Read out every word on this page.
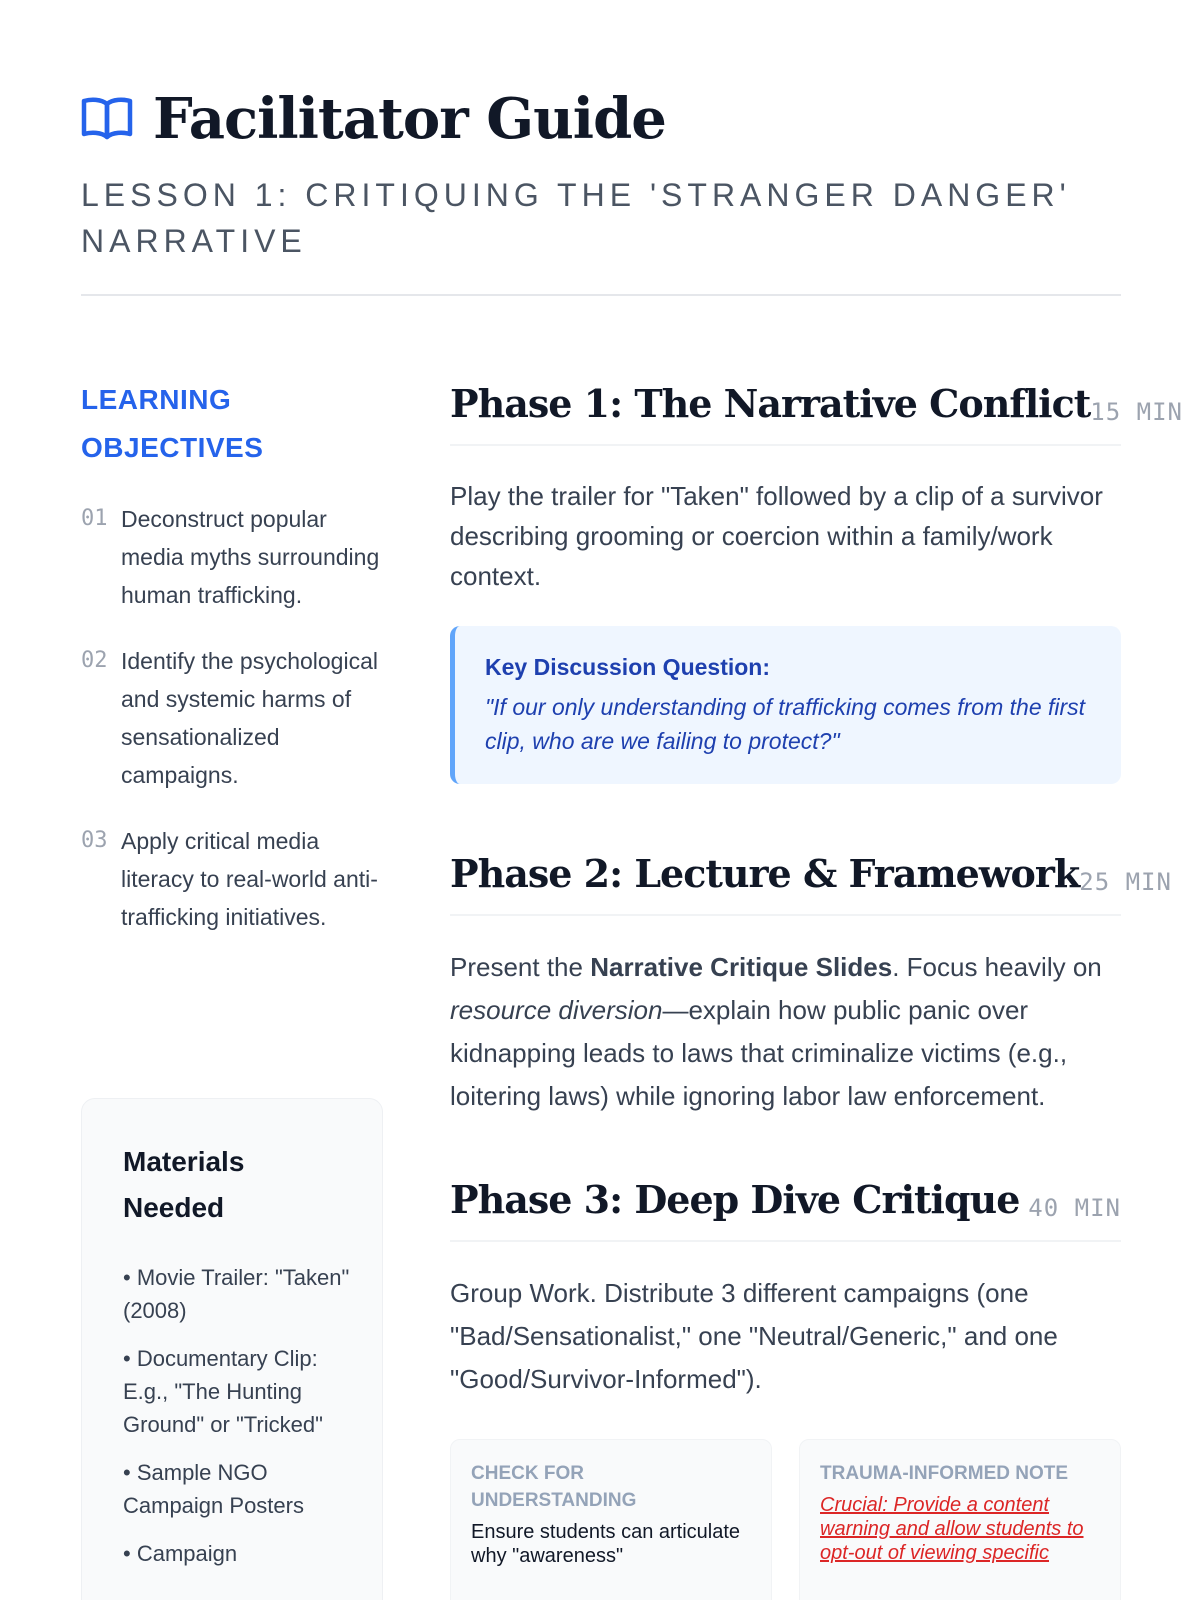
Facilitator Guide
LESSON 1: CRITIQUING THE 'STRANGER DANGER' NARRATIVE
LEARNING OBJECTIVES
01 Deconstruct popular media myths surrounding human trafficking.
02 Identify the psychological and systemic harms of sensationalized campaigns.
03 Apply critical media literacy to real-world anti-trafficking initiatives.
Materials Needed
• Movie Trailer: "Taken" (2008)
• Documentary Clip: E.g., "The Hunting Ground" or "Tricked"
• Sample NGO Campaign Posters
• Campaign
Phase 1: The Narrative Conflict 15 MIN

Play the trailer for "Taken" followed by a clip of a survivor describing grooming or coercion within a family/work context.

Key Discussion Question:
"If our only understanding of trafficking comes from the first clip, who are we failing to protect?"
Phase 2: Lecture & Framework 25 MIN

Present the Narrative Critique Slides. Focus heavily on resource diversion—explain how public panic over kidnapping leads to laws that criminalize victims (e.g., loitering laws) while ignoring labor law enforcement.

Phase 3: Deep Dive Critique 40 MIN

Group Work. Distribute 3 different campaigns (one "Bad/Sensationalist," one "Neutral/Generic," and one "Good/Survivor-Informed").

CHECK FOR UNDERSTANDING
Ensure students can articulate why "awareness"
TRAUMA-INFORMED NOTE
Crucial: Provide a content warning and allow students to opt-out of viewing specific
